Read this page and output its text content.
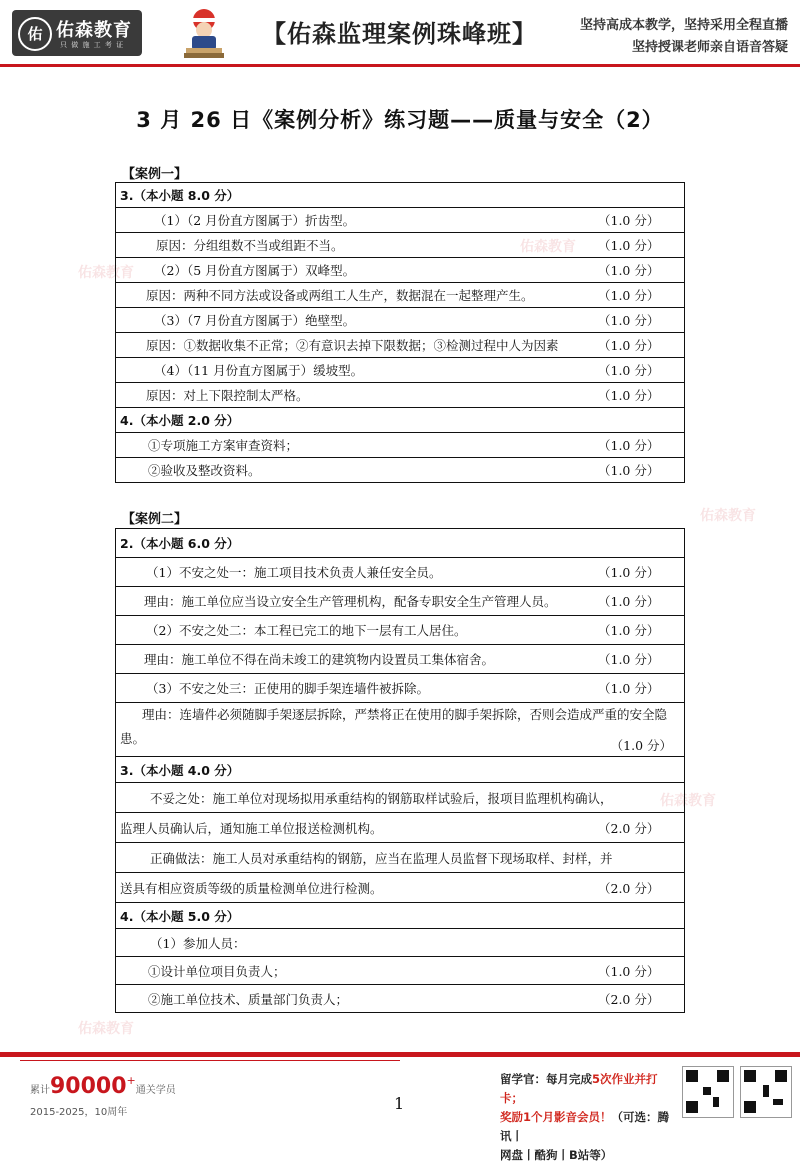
佑 佑森教育
只 做 施 工 考 证	【佑森监理案例珠峰班】	坚持高成本教学，坚持采用全程直播
坚持授课老师亲自语音答疑
佑森教育
佑森教育
佑森教育
佑森教育
佑森教育
3 月 26 日《案例分析》练习题——质量与安全（2）
【案例一】
3.（本小题 8.0 分）
（1）（2 月份直方图属于）折齿型。	（1.0 分）
原因：分组组数不当或组距不当。	（1.0 分）
（2）（5 月份直方图属于）双峰型。	（1.0 分）
原因：两种不同方法或设备或两组工人生产，数据混在一起整理产生。	（1.0 分）
（3）（7 月份直方图属于）绝壁型。	（1.0 分）
原因：①数据收集不正常；②有意识去掉下限数据；③检测过程中人为因素	（1.0 分）
（4）（11 月份直方图属于）缓坡型。	（1.0 分）
原因：对上下限控制太严格。	（1.0 分）
4.（本小题 2.0 分）
①专项施工方案审查资料；	（1.0 分）
②验收及整改资料。	（1.0 分）
【案例二】
2.（本小题 6.0 分）
（1）不安之处一：施工项目技术负责人兼任安全员。	（1.0 分）
理由：施工单位应当设立安全生产管理机构，配备专职安全生产管理人员。	（1.0 分）
（2）不安之处二：本工程已完工的地下一层有工人居住。	（1.0 分）
理由：施工单位不得在尚未竣工的建筑物内设置员工集体宿舍。	（1.0 分）
（3）不安之处三：正使用的脚手架连墙件被拆除。	（1.0 分）
理由：连墙件必须随脚手架逐层拆除，严禁将正在使用的脚手架拆除，否则会造成严重的安全隐患。	（1.0 分）
3.（本小题 4.0 分）
不妥之处：施工单位对现场拟用承重结构的钢筋取样试验后，报项目监理机构确认，
监理人员确认后，通知施工单位报送检测机构。	（2.0 分）
正确做法：施工人员对承重结构的钢筋，应当在监理人员监督下现场取样、封样，并
送具有相应资质等级的质量检测单位进行检测。	（2.0 分）
4.（本小题 5.0 分）
（1）参加人员：
①设计单位项目负责人；	（1.0 分）
②施工单位技术、质量部门负责人；	（2.0 分）
累计90000+通关学员
2015-2025，10周年	1
留学官：每月完成5次作业并打卡；
奖励1个月影音会员！（可选：腾讯丨
网盘丨酷狗丨B站等）
